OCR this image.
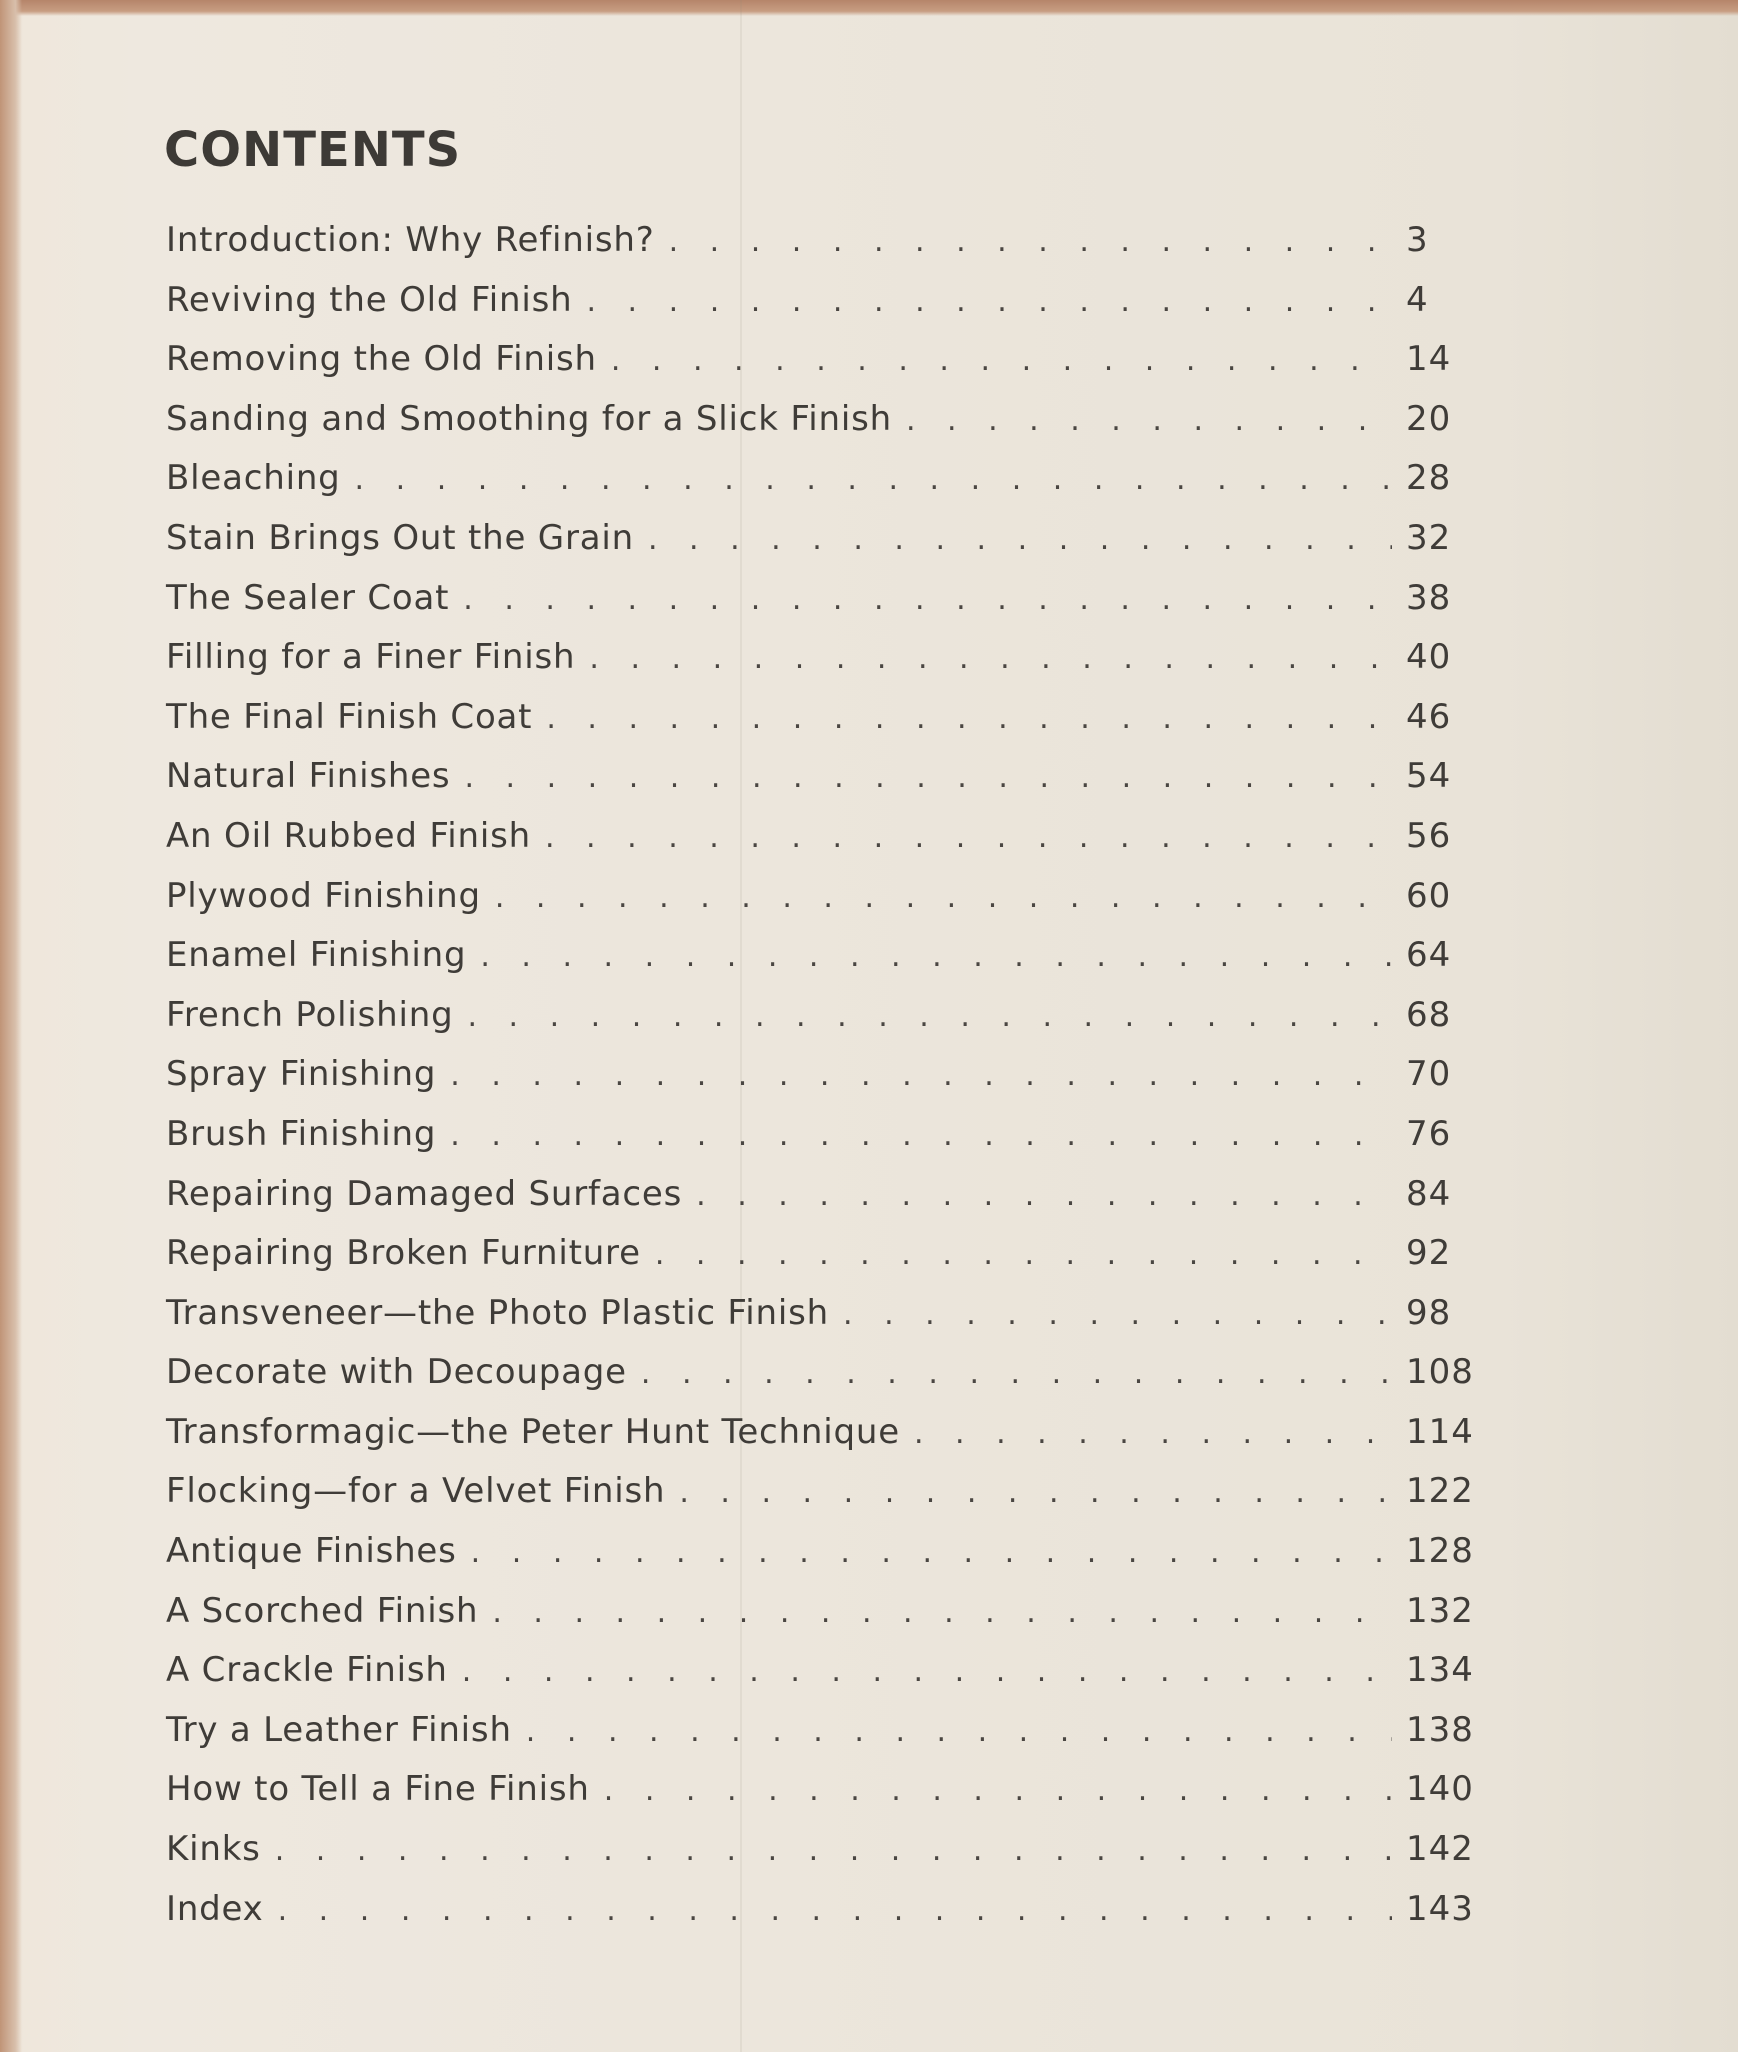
CONTENTS
Introduction: Why Refinish? . . .	3
Reviving the Old Finish . . .	4
Removing the Old Finish . . .	14
Sanding and Smoothing for a Slick Finish . . .	20
Bleaching . . .	28
Stain Brings Out the Grain . . .	32
The Sealer Coat . . .	38
Filling for a Finer Finish . . .	40
The Final Finish Coat . . .	46
Natural Finishes . . .	54
An Oil Rubbed Finish . . .	56
Plywood Finishing . . .	60
Enamel Finishing . . .	64
French Polishing . . .	68
Spray Finishing . . .	70
Brush Finishing . . .	76
Repairing Damaged Surfaces . . .	84
Repairing Broken Furniture . . .	92
Transveneer—the Photo Plastic Finish . . .	98
Decorate with Decoupage . . .	108
Transformagic—the Peter Hunt Technique . . .	114
Flocking—for a Velvet Finish . . .	122
Antique Finishes . . .	128
A Scorched Finish . . .	132
A Crackle Finish . . .	134
Try a Leather Finish . . .	138
How to Tell a Fine Finish . . .	140
Kinks . . .	142
Index . . .	143
